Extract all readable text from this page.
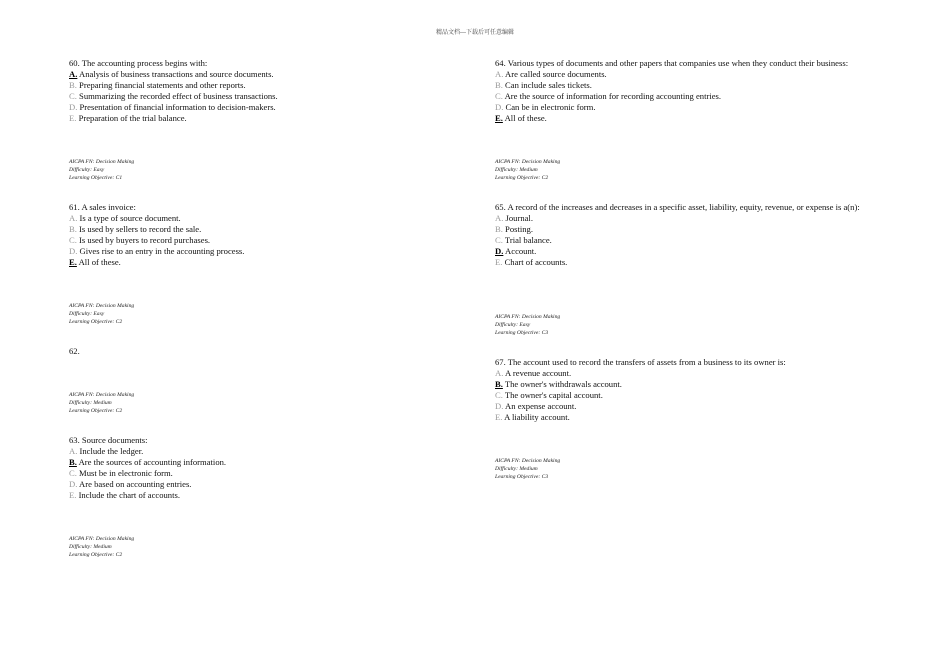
精品文档---下载后可任意编辑

60. The accounting process begins with:

A. Analysis of business transactions and source documents.
B. Preparing financial statements and other reports.
C. Summarizing the recorded effect of business transactions.
D. Presentation of financial information to decision-makers.
E. Preparation of the trial balance.
AICPA FN: Decision Making
Difficulty: Easy
Learning Objective: C1

61. A sales invoice:

A. Is a type of source document.
B. Is used by sellers to record the sale.
C. Is used by buyers to record purchases.
D. Gives rise to an entry in the accounting process.
E. All of these.
AICPA FN: Decision Making
Difficulty: Easy
Learning Objective: C2

62.

AICPA FN: Decision Making
Difficulty: Medium
Learning Objective: C2

63. Source documents:

A. Include the ledger.
B. Are the sources of accounting information.
C. Must be in electronic form.
D. Are based on accounting entries.
E. Include the chart of accounts.
AICPA FN: Decision Making
Difficulty: Medium
Learning Objective: C2

64. Various types of documents and other papers that companies use when they conduct their business:

A. Are called source documents.
B. Can include sales tickets.
C. Are the source of information for recording accounting entries.
D. Can be in electronic form.
E. All of these.
AICPA FN: Decision Making
Difficulty: Medium
Learning Objective: C2

65. A record of the increases and decreases in a specific asset, liability, equity, revenue, or expense is a(n):

A. Journal.
B. Posting.
C. Trial balance.
D. Account.
E. Chart of accounts.
AICPA FN: Decision Making
Difficulty: Easy
Learning Objective: C3

67. The account used to record the transfers of assets from a business to its owner is:

A. A revenue account.
B. The owner's withdrawals account.
C. The owner's capital account.
D. An expense account.
E. A liability account.
AICPA FN: Decision Making
Difficulty: Medium
Learning Objective: C3
